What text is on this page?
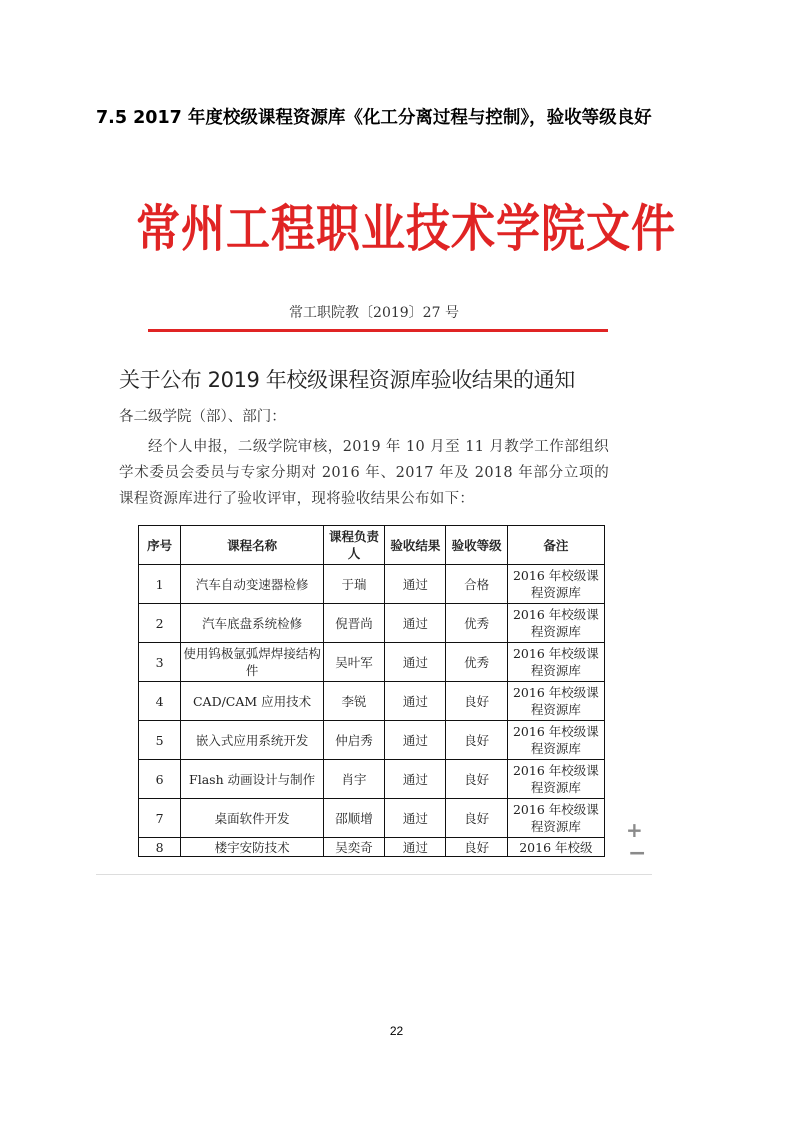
7.5 2017 年度校级课程资源库《化工分离过程与控制》，验收等级良好
常州工程职业技术学院文件
常工职院教〔2019〕27 号
关于公布 2019 年校级课程资源库验收结果的通知
各二级学院（部）、部门：

经个人申报，二级学院审核，2019 年 10 月至 11 月教学工作部组织学术委员会委员与专家分期对 2016 年、2017 年及 2018 年部分立项的课程资源库进行了验收评审，现将验收结果公布如下：

序号	课程名称	课程负责人	验收结果	验收等级	备注
1	汽车自动变速器检修	于瑞	通过	合格	2016 年校级课程资源库
2	汽车底盘系统检修	倪晋尚	通过	优秀	2016 年校级课程资源库
3	使用钨极氩弧焊焊接结构件	吴叶军	通过	优秀	2016 年校级课程资源库
4	CAD/CAM 应用技术	李锐	通过	良好	2016 年校级课程资源库
5	嵌入式应用系统开发	仲启秀	通过	良好	2016 年校级课程资源库
6	Flash 动画设计与制作	肖宇	通过	良好	2016 年校级课程资源库
7	桌面软件开发	邵顺增	通过	良好	2016 年校级课程资源库
8	楼宇安防技术	吴奕奇	通过	良好	2016 年校级
+
−
22
